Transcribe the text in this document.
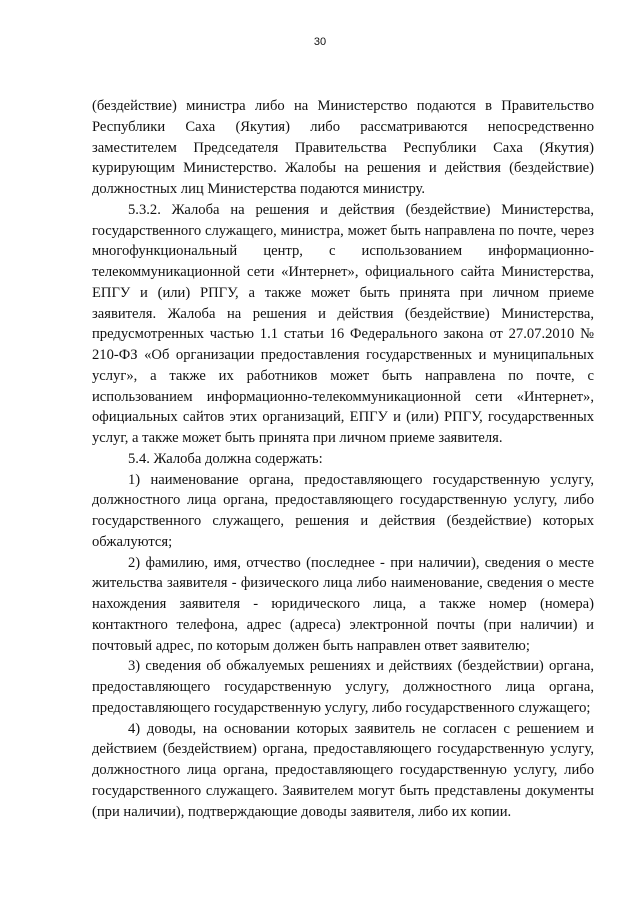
30

(бездействие) министра либо на Министерство подаются в Правительство Республики Саха (Якутия) либо рассматриваются непосредственно заместителем Председателя Правительства Республики Саха (Якутия) курирующим Министерство. Жалобы на решения и действия (бездействие) должностных лиц Министерства подаются министру.

5.3.2. Жалоба на решения и действия (бездействие) Министерства, государственного служащего, министра, может быть направлена по почте, через многофункциональный центр, с использованием информационно-телекоммуникационной сети «Интернет», официального сайта Министерства, ЕПГУ и (или) РПГУ, а также может быть принята при личном приеме заявителя. Жалоба на решения и действия (бездействие) Министерства, предусмотренных частью 1.1 статьи 16 Федерального закона от 27.07.2010 № 210-ФЗ «Об организации предоставления государственных и муниципальных услуг», а также их работников может быть направлена по почте, с использованием информационно-телекоммуникационной сети «Интернет», официальных сайтов этих организаций, ЕПГУ и (или) РПГУ, государственных услуг, а также может быть принята при личном приеме заявителя.

5.4. Жалоба должна содержать:

1) наименование органа, предоставляющего государственную услугу, должностного лица органа, предоставляющего государственную услугу, либо государственного служащего, решения и действия (бездействие) которых обжалуются;

2) фамилию, имя, отчество (последнее - при наличии), сведения о месте жительства заявителя - физического лица либо наименование, сведения о месте нахождения заявителя - юридического лица, а также номер (номера) контактного телефона, адрес (адреса) электронной почты (при наличии) и почтовый адрес, по которым должен быть направлен ответ заявителю;

3) сведения об обжалуемых решениях и действиях (бездействии) органа, предоставляющего государственную услугу, должностного лица органа, предоставляющего государственную услугу, либо государственного служащего;

4) доводы, на основании которых заявитель не согласен с решением и действием (бездействием) органа, предоставляющего государственную услугу, должностного лица органа, предоставляющего государственную услугу, либо государственного служащего. Заявителем могут быть представлены документы (при наличии), подтверждающие доводы заявителя, либо их копии.
